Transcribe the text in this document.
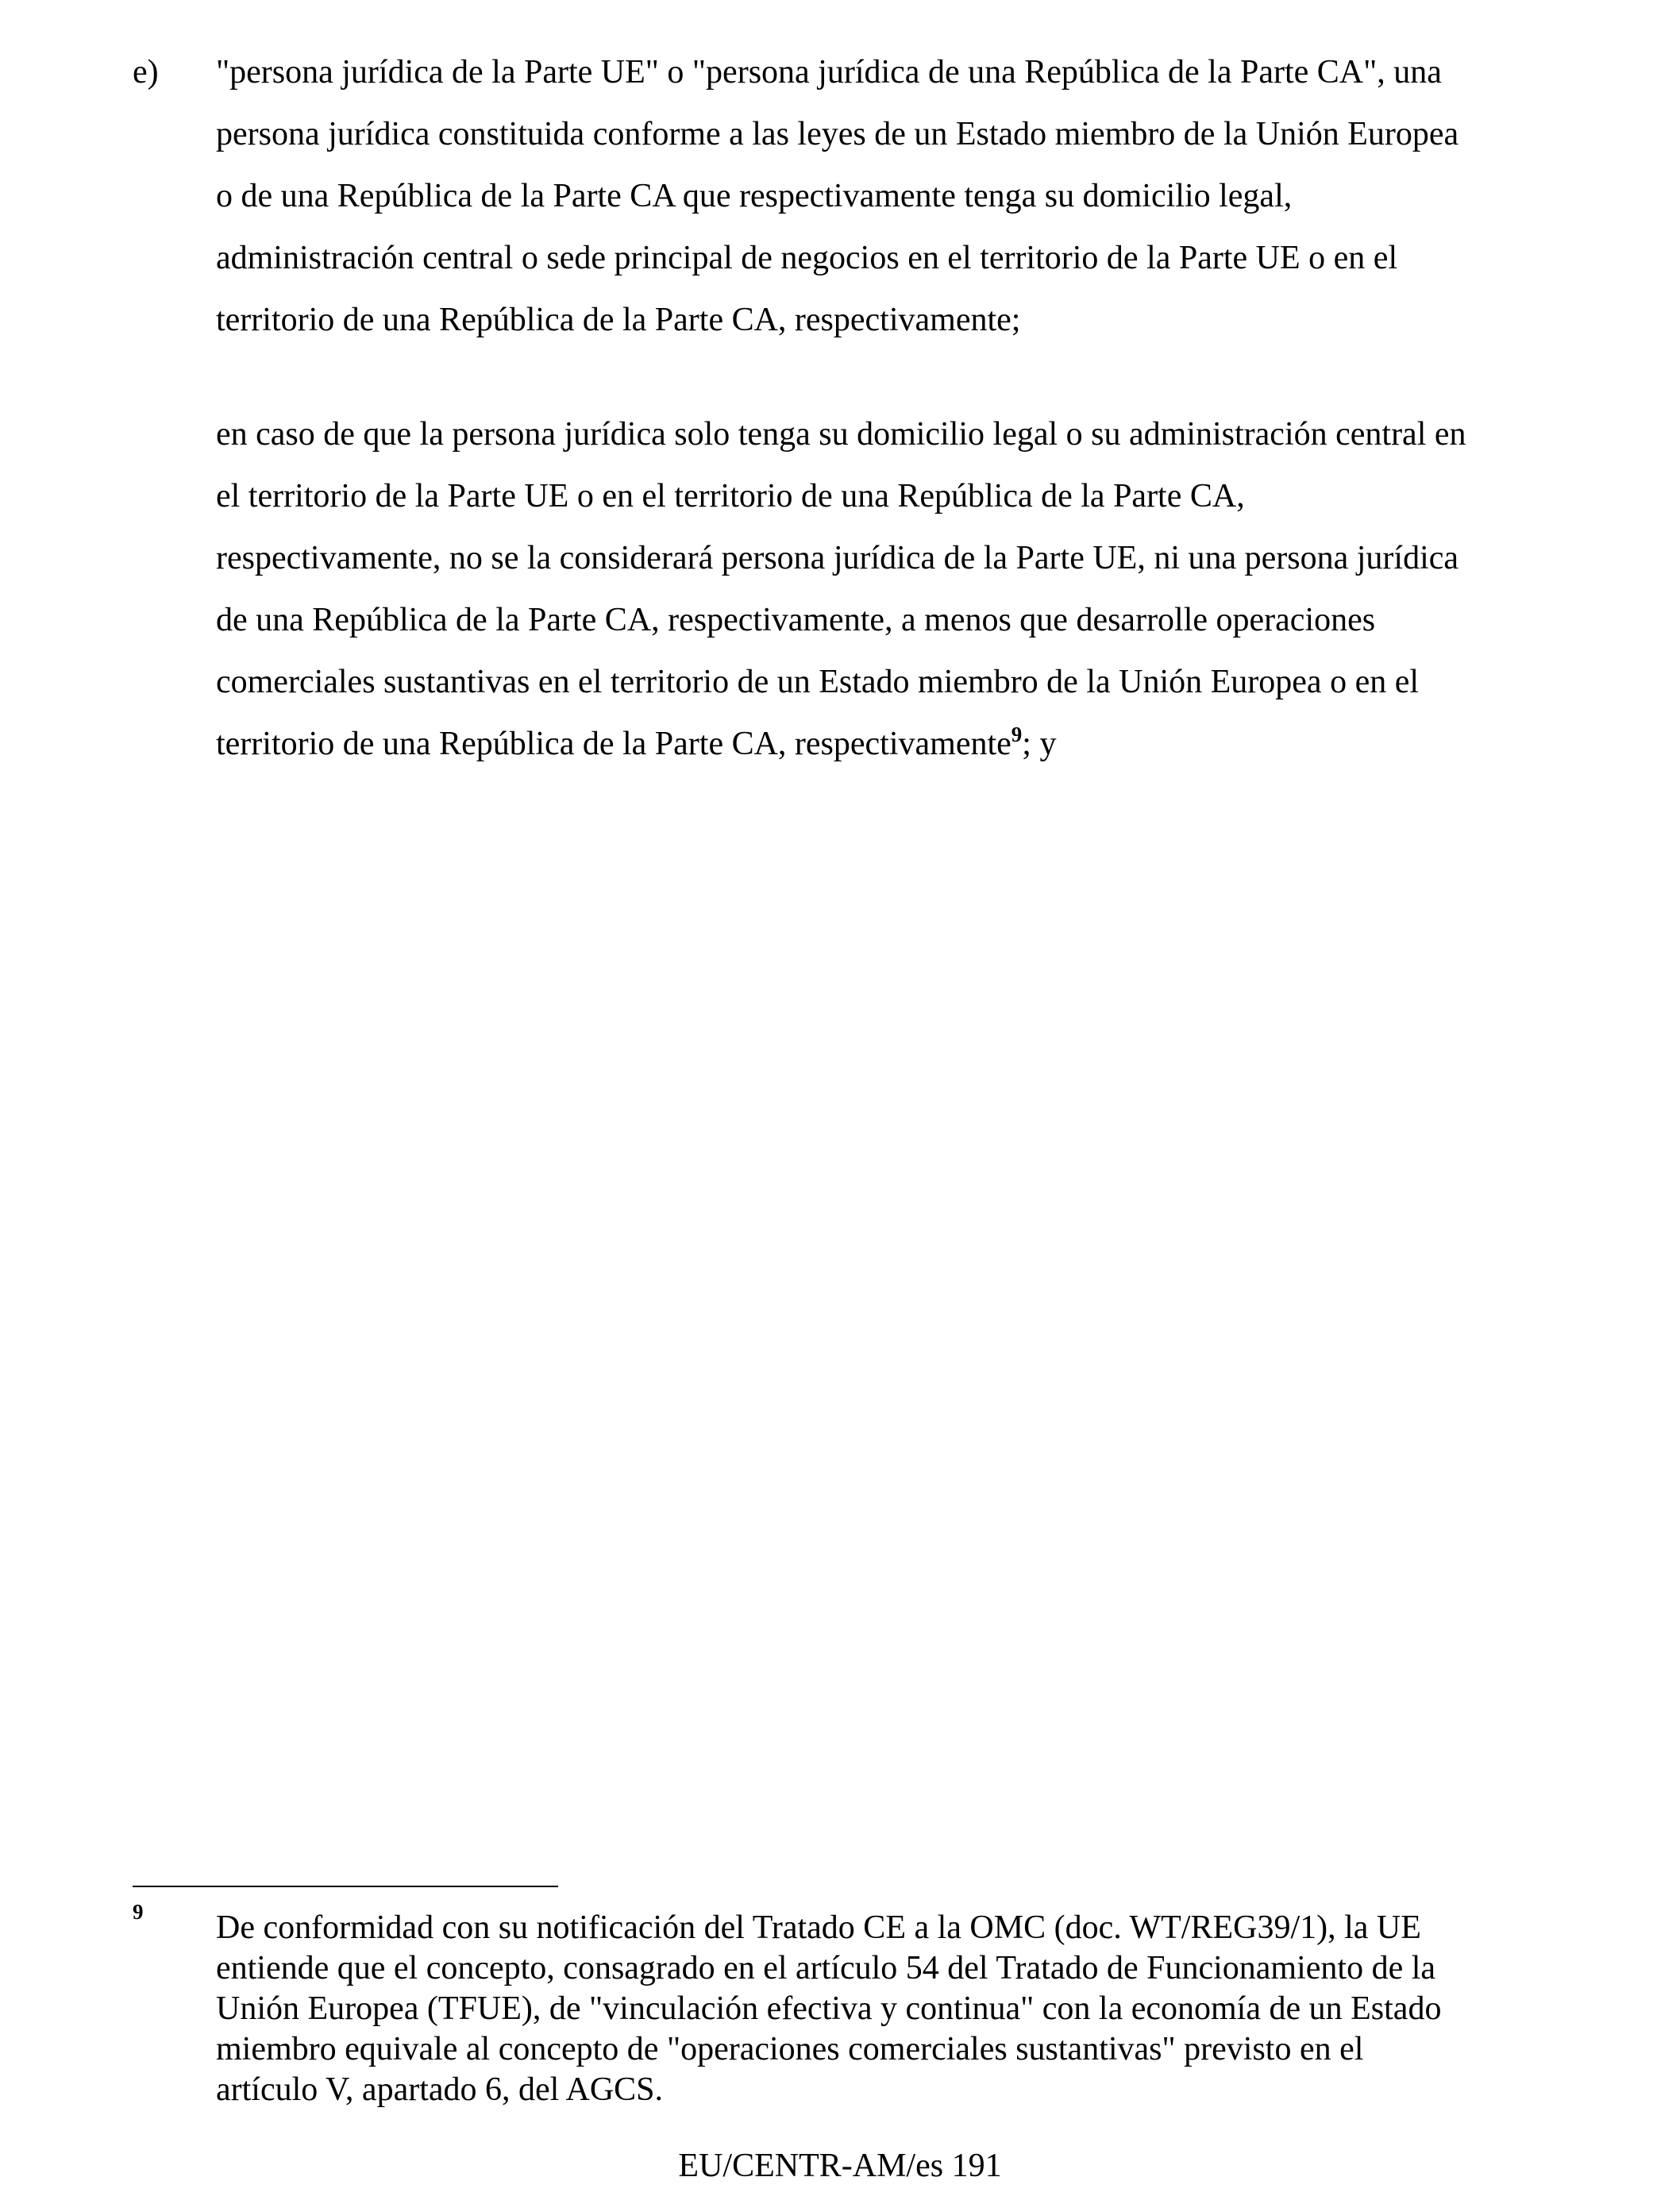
e) "persona jurídica de la Parte UE" o "persona jurídica de una República de la Parte CA", una
persona jurídica constituida conforme a las leyes de un Estado miembro de la Unión Europea
o de una República de la Parte CA que respectivamente tenga su domicilio legal,
administración central o sede principal de negocios en el territorio de la Parte UE o en el
territorio de una República de la Parte CA, respectivamente;

en caso de que la persona jurídica solo tenga su domicilio legal o su administración central en
el territorio de la Parte UE o en el territorio de una República de la Parte CA,
respectivamente, no se la considerará persona jurídica de la Parte UE, ni una persona jurídica
de una República de la Parte CA, respectivamente, a menos que desarrolle operaciones
comerciales sustantivas en el territorio de un Estado miembro de la Unión Europea o en el
territorio de una República de la Parte CA, respectivamente$^9$; y

9 De conformidad con su notificación del Tratado CE a la OMC (doc. WT/REG39/1), la UE
entiende que el concepto, consagrado en el artículo 54 del Tratado de Funcionamiento de la
Unión Europea (TFUE), de "vinculación efectiva y continua" con la economía de un Estado
miembro equivale al concepto de "operaciones comerciales sustantivas" previsto en el
artículo V, apartado 6, del AGCS.

EU/CENTR-AM/es 191
